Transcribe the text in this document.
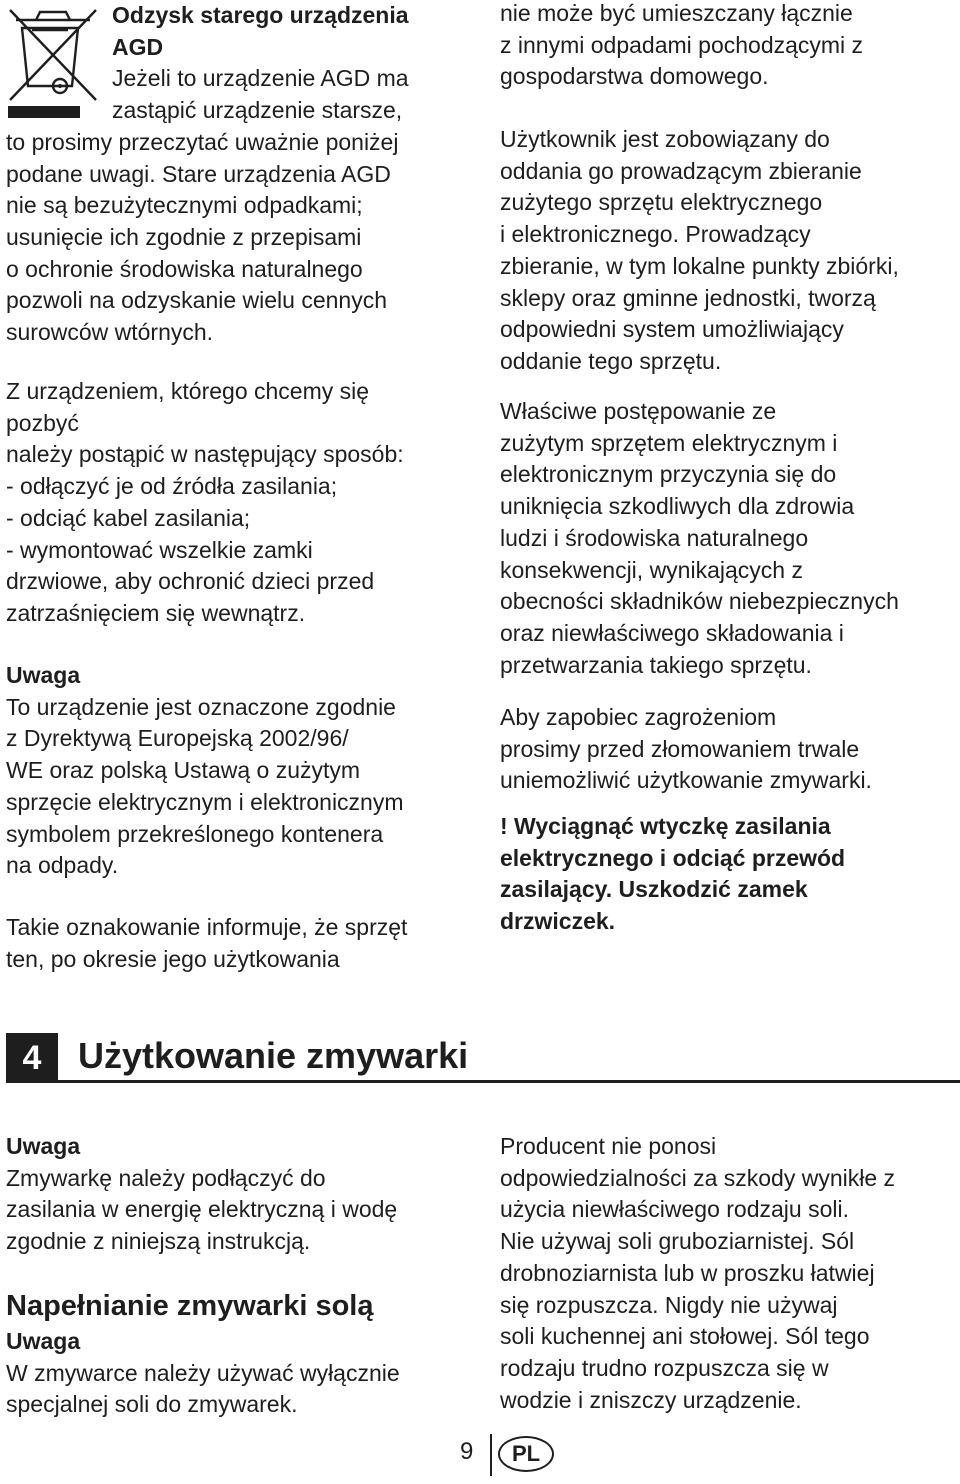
Odzysk starego urządzenia
AGD
Jeżeli to urządzenie AGD ma
zastąpić urządzenie starsze,
to prosimy przeczytać uważnie poniżej
podane uwagi. Stare urządzenia AGD
nie są bezużytecznymi odpadkami;
usunięcie ich zgodnie z przepisami
o ochronie środowiska naturalnego
pozwoli na odzyskanie wielu cennych
surowców wtórnych.
Z urządzeniem, którego chcemy się
pozbyć
należy postąpić w następujący sposób:
- odłączyć je od źródła zasilania;
- odciąć kabel zasilania;
- wymontować wszelkie zamki
drzwiowe, aby ochronić dzieci przed
zatrzaśnięciem się wewnątrz.
Uwaga
To urządzenie jest oznaczone zgodnie
z Dyrektywą Europejską 2002/96/
WE oraz polską Ustawą o zużytym
sprzęcie elektrycznym i elektronicznym
symbolem przekreślonego kontenera
na odpady.
Takie oznakowanie informuje, że sprzęt
ten, po okresie jego użytkowania
nie może być umieszczany łącznie
z innymi odpadami pochodzącymi z
gospodarstwa domowego.
Użytkownik jest zobowiązany do
oddania go prowadzącym zbieranie
zużytego sprzętu elektrycznego
i elektronicznego. Prowadzący
zbieranie, w tym lokalne punkty zbiórki,
sklepy oraz gminne jednostki, tworzą
odpowiedni system umożliwiający
oddanie tego sprzętu.
Właściwe postępowanie ze
zużytym sprzętem elektrycznym i
elektronicznym przyczynia się do
uniknięcia szkodliwych dla zdrowia
ludzi i środowiska naturalnego
konsekwencji, wynikających z
obecności składników niebezpiecznych
oraz niewłaściwego składowania i
przetwarzania takiego sprzętu.
Aby zapobiec zagrożeniom
prosimy przed złomowaniem trwale
uniemożliwić użytkowanie zmywarki.
! Wyciągnąć wtyczkę zasilania
elektrycznego i odciąć przewód
zasilający. Uszkodzić zamek
drzwiczek.
4	Użytkowanie zmywarki
Uwaga
Zmywarkę należy podłączyć do
zasilania w energię elektryczną i wodę
zgodnie z niniejszą instrukcją.
Napełnianie zmywarki solą
Uwaga
W zmywarce należy używać wyłącznie
specjalnej soli do zmywarek.
Producent nie ponosi
odpowiedzialności za szkody wynikłe z
użycia niewłaściwego rodzaju soli.
Nie używaj soli gruboziarnistej. Sól
drobnoziarnista lub w proszku łatwiej
się rozpuszcza. Nigdy nie używaj
soli kuchennej ani stołowej. Sól tego
rodzaju trudno rozpuszcza się w
wodzie i zniszczy urządzenie.
9	PL
